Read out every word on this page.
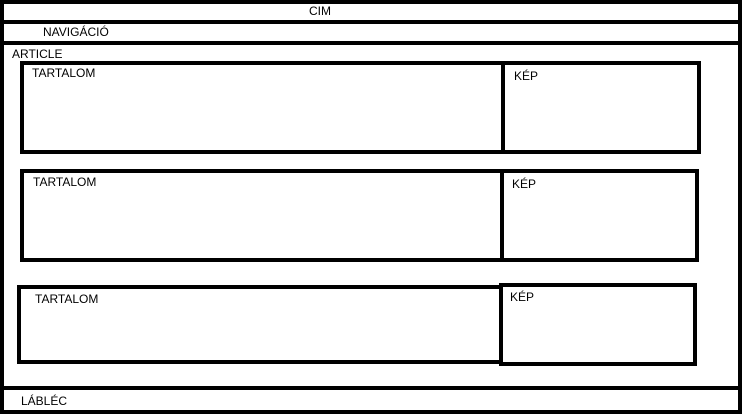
CIM
NAVIGÁCIÓ
ARTICLE
TARTALOM	KÉP
TARTALOM	KÉP
TARTALOM	KÉP
LÁBLÉC
